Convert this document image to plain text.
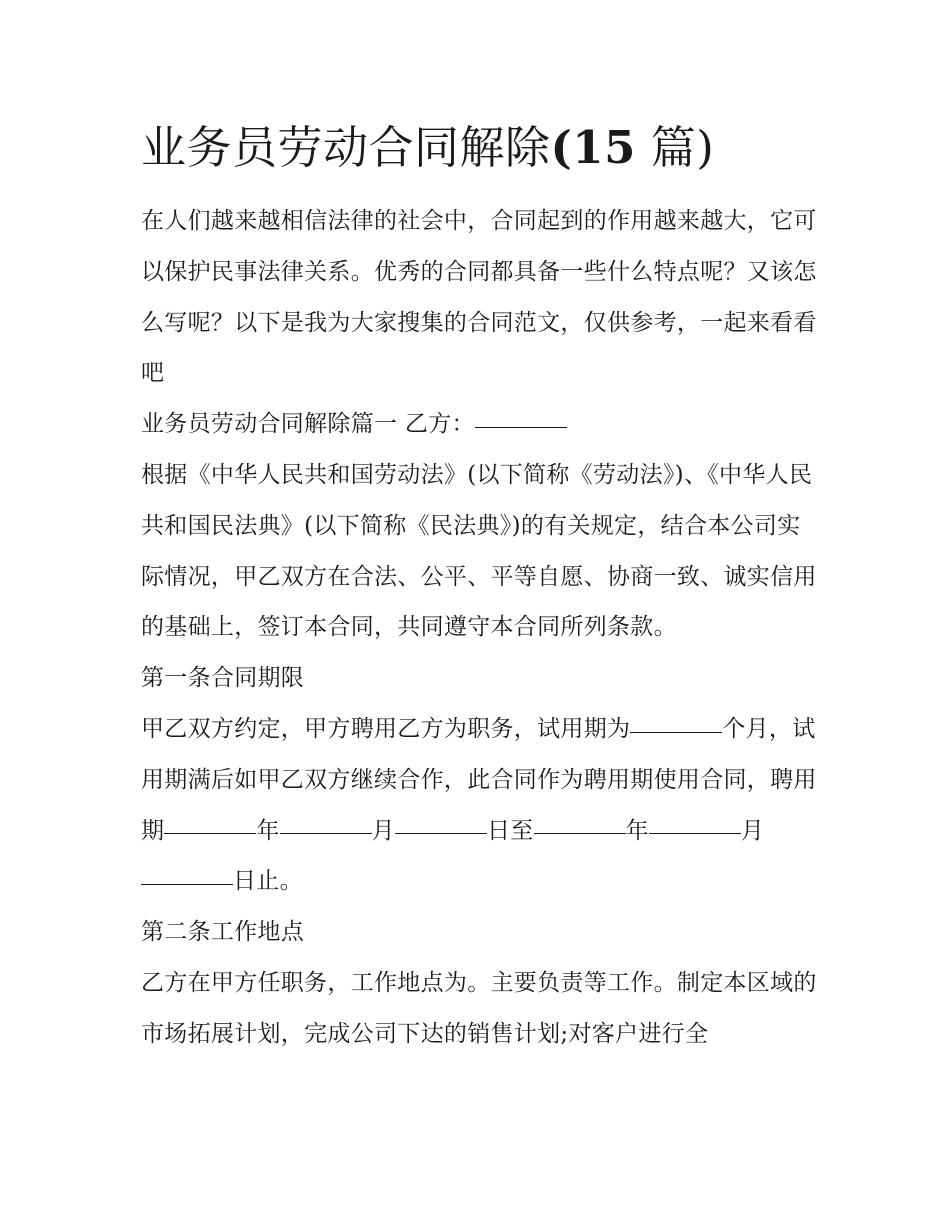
业务员劳动合同解除(15 篇)

在人们越来越相信法律的社会中，合同起到的作用越来越大，它可以保护民事法律关系。优秀的合同都具备一些什么特点呢？又该怎么写呢？以下是我为大家搜集的合同范文，仅供参考，一起来看看吧

业务员劳动合同解除篇一 乙方：

根据《中华人民共和国劳动法》(以下简称《劳动法》)、《中华人民共和国民法典》(以下简称《民法典》)的有关规定，结合本公司实际情况，甲乙双方在合法、公平、平等自愿、协商一致、诚实信用的基础上，签订本合同，共同遵守本合同所列条款。

第一条合同期限

甲乙双方约定，甲方聘用乙方为职务，试用期为	个月，试用期满后如甲乙双方继续合作，此合同作为聘用期使用合同，聘用期	年	月	日至	年	月日止。

第二条工作地点

乙方在甲方任职务，工作地点为。主要负责等工作。制定本区域的市场拓展计划，完成公司下达的销售计划;对客户进行全
